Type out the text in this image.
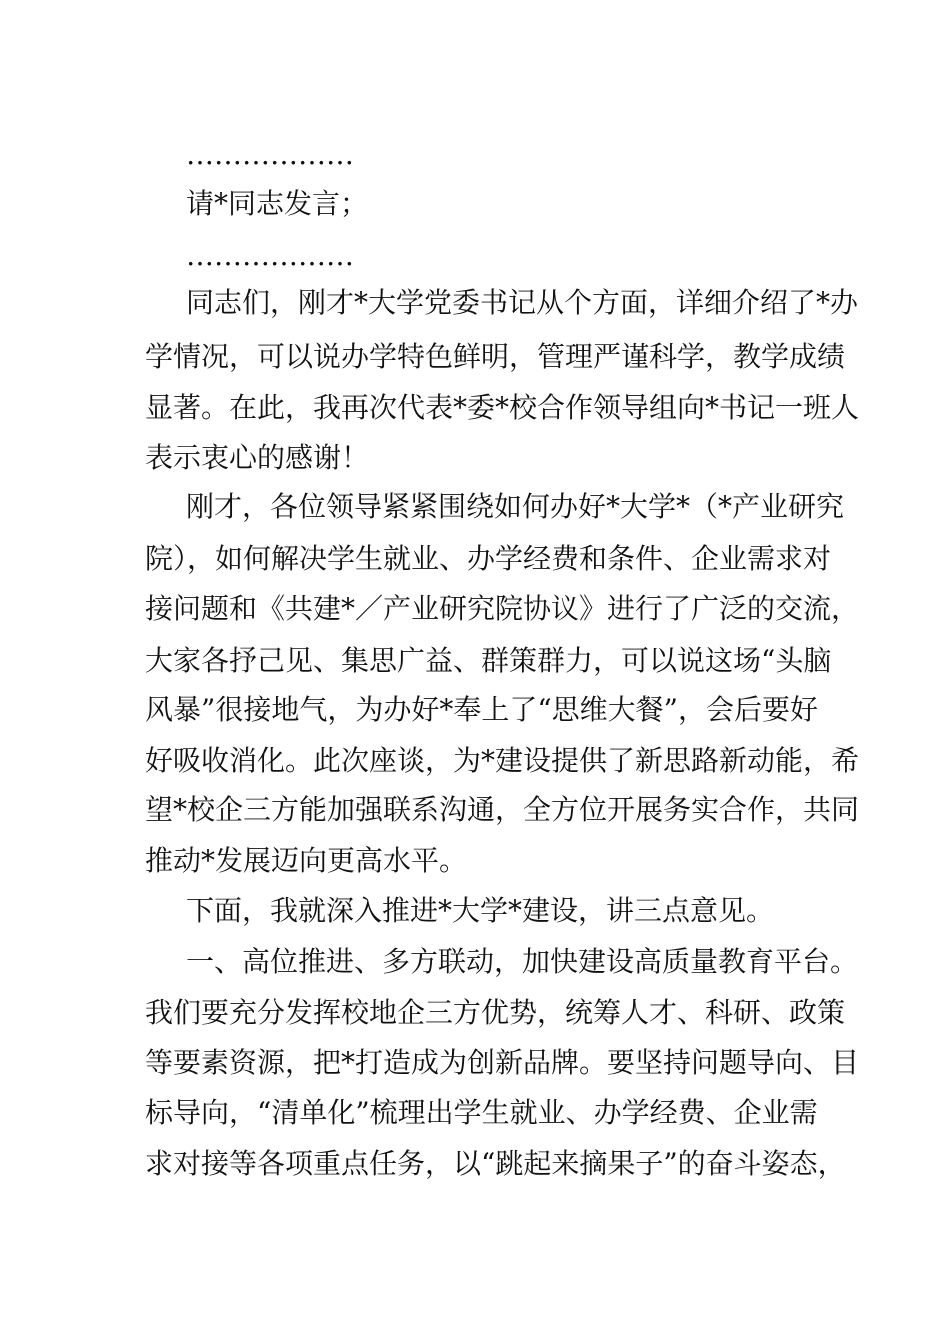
………………
请*同志发言；
………………
同志们，刚才*大学党委书记从个方面，详细介绍了*办
学情况，可以说办学特色鲜明，管理严谨科学，教学成绩
显著。在此，我再次代表*委*校合作领导组向*书记一班人
表示衷心的感谢！
刚才，各位领导紧紧围绕如何办好*大学*（*产业研究
院），如何解决学生就业、办学经费和条件、企业需求对
接问题和《共建*／产业研究院协议》进行了广泛的交流，
大家各抒己见、集思广益、群策群力，可以说这场“头脑
风暴”很接地气，为办好*奉上了“思维大餐”，会后要好
好吸收消化。此次座谈，为*建设提供了新思路新动能，希
望*校企三方能加强联系沟通，全方位开展务实合作，共同
推动*发展迈向更高水平。
下面，我就深入推进*大学*建设，讲三点意见。
一、高位推进、多方联动，加快建设高质量教育平台。
我们要充分发挥校地企三方优势，统筹人才、科研、政策
等要素资源，把*打造成为创新品牌。要坚持问题导向、目
标导向，“清单化”梳理出学生就业、办学经费、企业需
求对接等各项重点任务，以“跳起来摘果子”的奋斗姿态，
